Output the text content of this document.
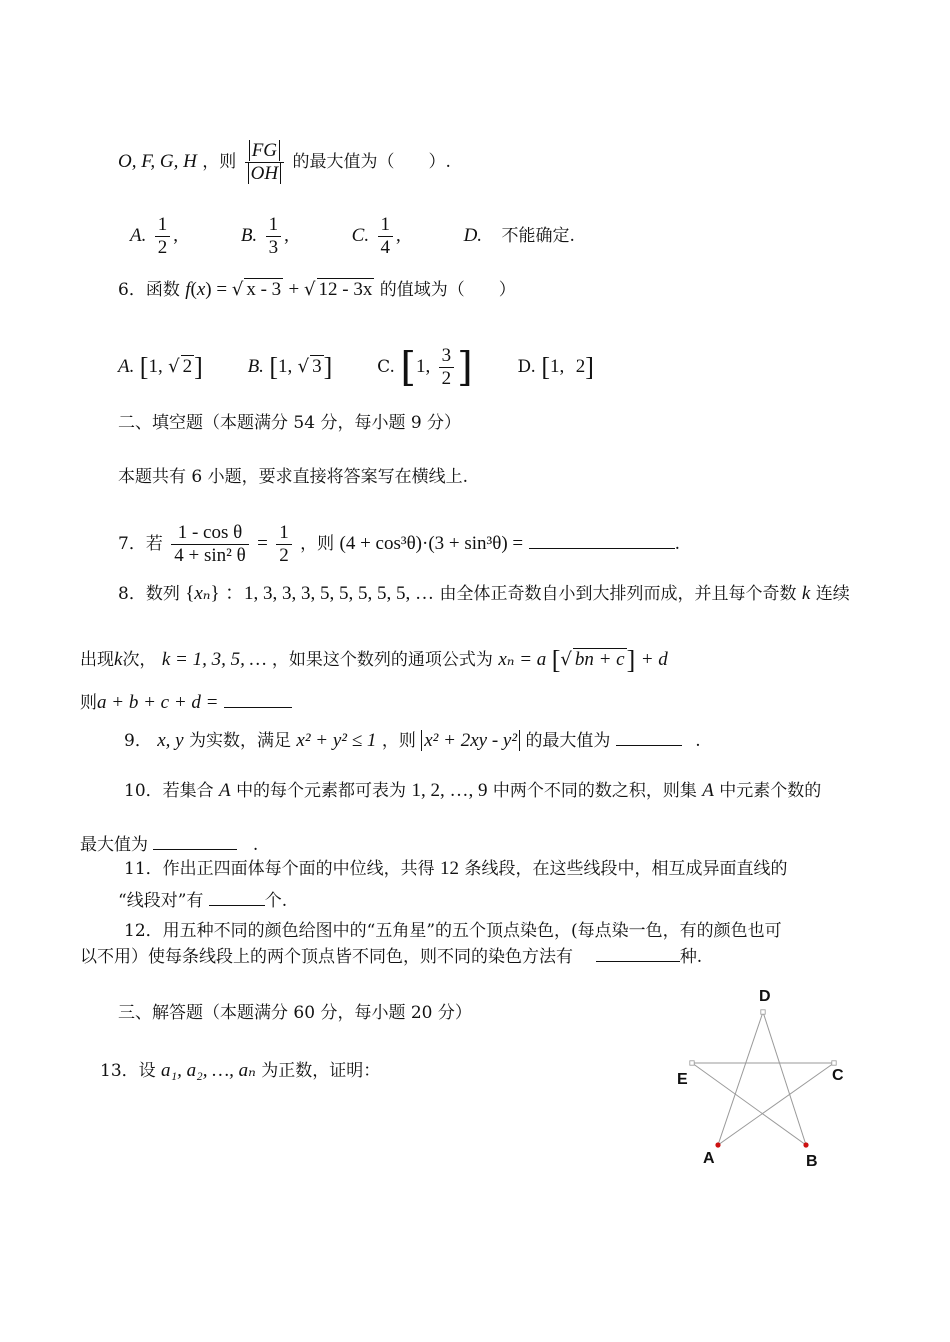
O, F, G, H ，则 $\frac{FG}{OH}$ 的最大值为（　　）.
A. $\frac{1}{2}$ ,	B. $\frac{1}{3}$ ,	C. $\frac{1}{4}$ ,	D. 不能确定.
6．函数 f(x) = √ x - 3 + √ 12 - 3x 的值域为（　　）
A. [1, √ 2] B. [1, √ 3]	C. [1, $\frac{3}{2}$ ]	D. [1, 2]
二、填空题（本题满分 54 分，每小题 9 分）
本题共有 6 小题，要求直接将答案写在横线上.
7．若 $\frac{\text{1 - cos θ}}{\text{4 + sin² θ}} = \frac{1}{2}$ ，则 (4 + cos³θ)·(3 + sin³θ) =	.
8．数列 {xₙ} ：1, 3, 3, 3, 5, 5, 5, 5, 5, … 由全体正奇数自小到大排列而成，并且每个奇数 k 连续
出现k次， k = 1, 3, 5, … ，如果这个数列的通项公式为 xₙ = a [√ bn + c] + d
则a + b + c + d =
9． x, y 为实数，满足 x² + y² ≤ 1 ，则 x² + 2xy - y² 的最大值为	.
10．若集合 A 中的每个元素都可表为 1, 2, …, 9 中两个不同的数之积，则集 A 中元素个数的
最大值为	.
11．作出正四面体每个面的中位线，共得 12 条线段，在这些线段中，相互成异面直线的
“线段对”有	个.
12．用五种不同的颜色给图中的“五角星”的五个顶点染色，(每点染一色，有的颜色也可
以不用）使每条线段上的两个顶点皆不同色，则不同的染色方法有	种.
三、解答题（本题满分 60 分，每小题 20 分）
13．设 a₁, a₂, …, aₙ 为正数，证明：
D
C
E
A	B
